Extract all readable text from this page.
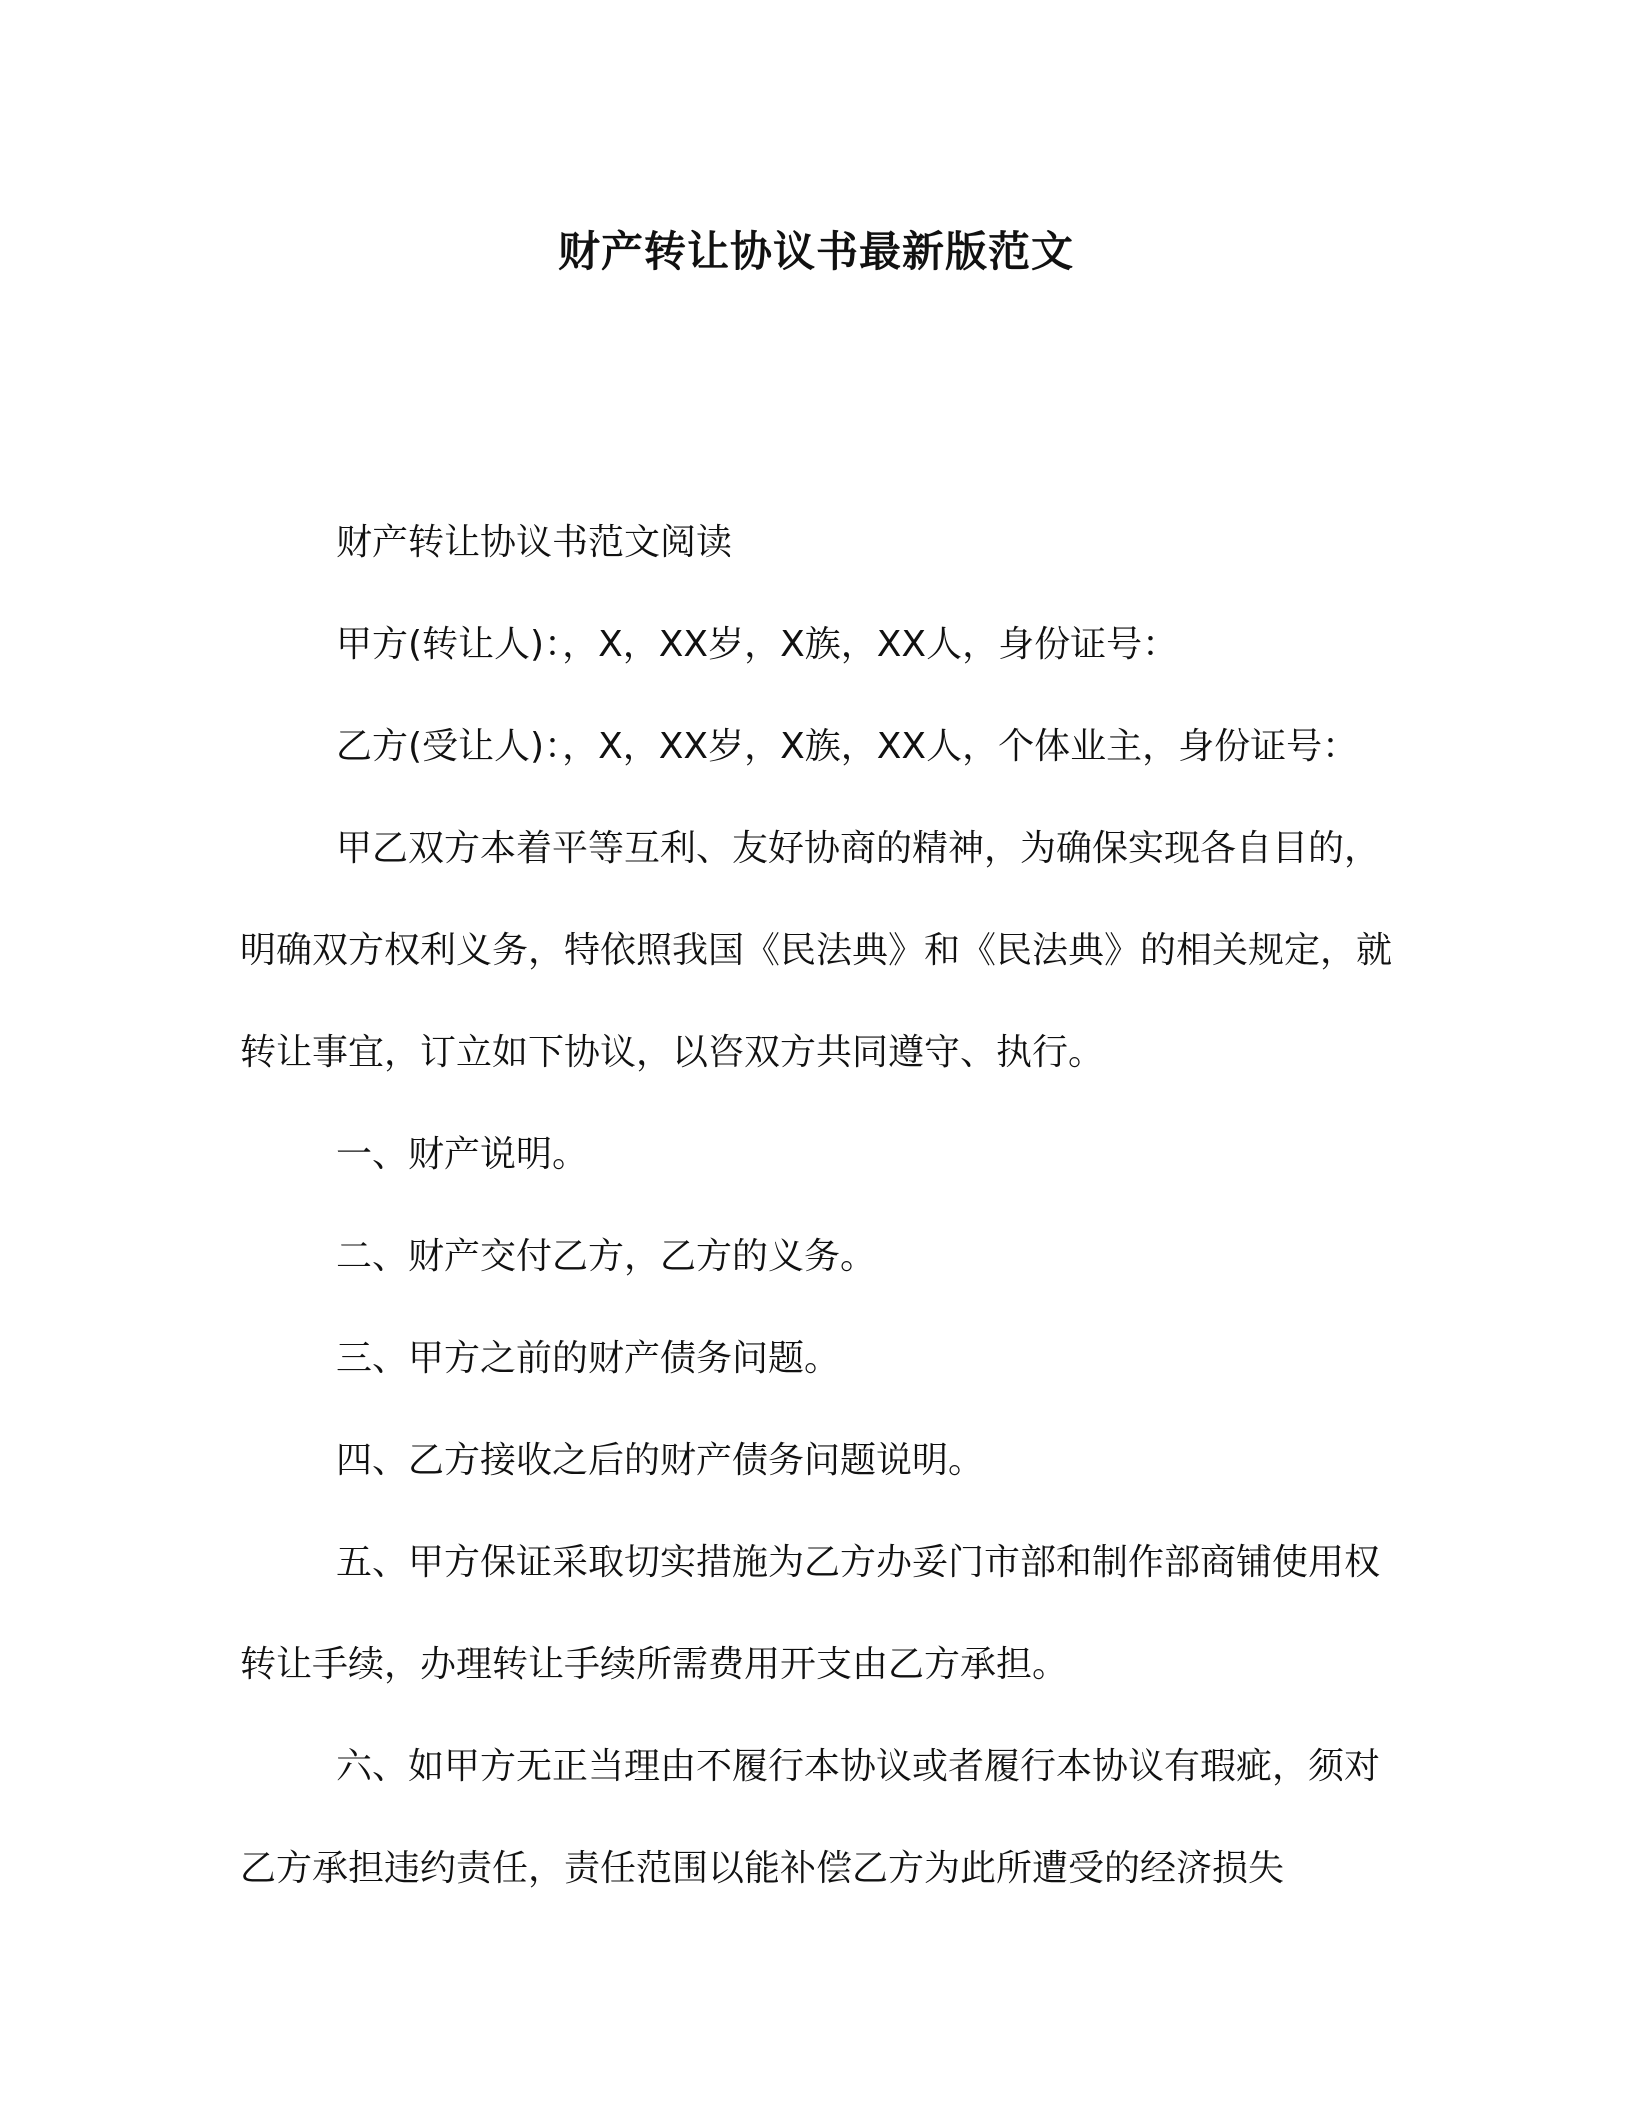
财产转让协议书最新版范文

财产转让协议书范文阅读

甲方(转让人)：，X，XX岁，X族，XX人，身份证号：

乙方(受让人)：，X，XX岁，X族，XX人，个体业主，身份证号：

甲乙双方本着平等互利、友好协商的精神，为确保实现各自目的，明确双方权利义务，特依照我国《民法典》和《民法典》的相关规定，就转让事宜，订立如下协议，以咨双方共同遵守、执行。

一、财产说明。

二、财产交付乙方，乙方的义务。

三、甲方之前的财产债务问题。

四、乙方接收之后的财产债务问题说明。

五、甲方保证采取切实措施为乙方办妥门市部和制作部商铺使用权转让手续，办理转让手续所需费用开支由乙方承担。

六、如甲方无正当理由不履行本协议或者履行本协议有瑕疵，须对乙方承担违约责任，责任范围以能补偿乙方为此所遭受的经济损失
